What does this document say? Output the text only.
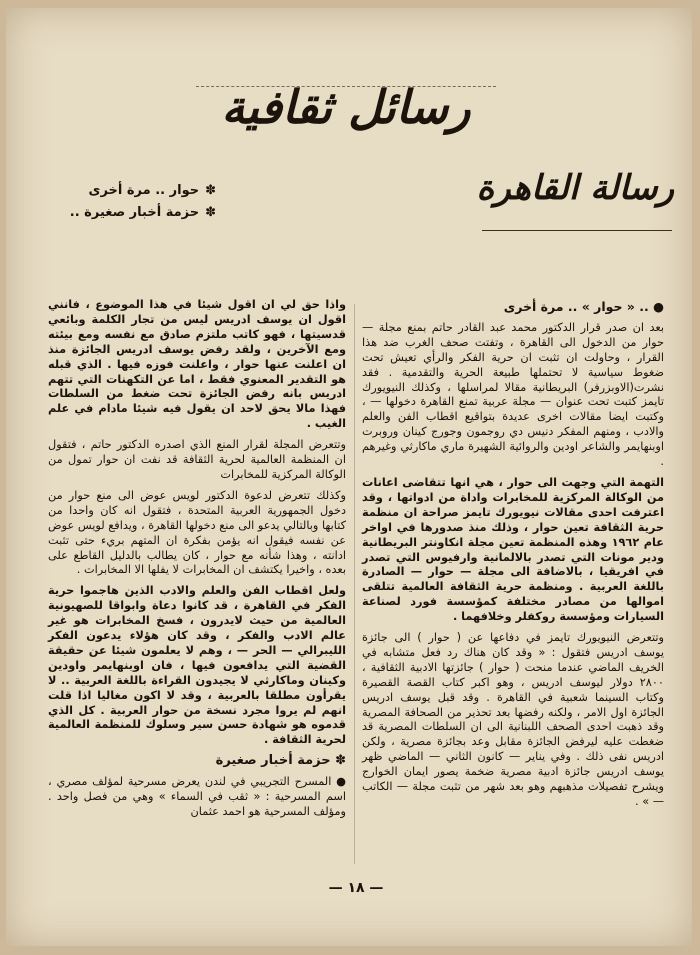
رسائل ثقافية
رسالة القاهرة
✽حوار .. مرة أخرى
✽حزمة أخبار صغيرة ..
● .. « حوار » .. مرة أخرى

بعد ان صدر قرار الدكتور محمد عبد القادر حاتم بمنع مجلة — حوار من الدخول الى القاهرة ، وتفتت صحف الغرب ضد هذا القرار ، وحاولت ان تثبت ان حرية الفكر والرأي تعيش تحت ضغوط سياسية لا تحتملها طبيعة الحرية والتقدمية . فقد نشرت(الاوبزرفر) البريطانية مقالا لمراسلها ، وكذلك النيويورك تايمز كتبت تحت عنوان — مجلة عربية تمنع القاهرة دخولها — ، وكتبت ايضا مقالات اخرى عديدة بتواقيع اقطاب الفن والعلم والادب ، ومنهم المفكر دنيس دي روجمون وجورج كينان وروبرت اوبنهايمر والشاعر اودين والروائية الشهيرة ماري ماكارثي وغيرهم .

التهمة التي وجهت الى حوار ، هي انها تتقاضى اعانات من الوكالة المركزية للمخابرات واداة من ادواتها ، وقد اعترفت احدى مقالات نيويورك تايمز صراحة ان منظمة حرية الثقافة تعين حوار ، وذلك منذ صدورها في اواخر عام ١٩٦٢ وهذه المنظمة تعين مجلة انكاونتر البريطانية ودير مونات التي تصدر بالالمانية وارفيوس التي تصدر في افريقيا ، بالاضافة الى مجلة — حوار — الصادرة باللغة العربية . ومنظمة حرية الثقافة العالمية تتلقى اموالها من مصادر مختلفة كمؤسسة فورد لصناعة السيارات ومؤسسة روكفلر وخلافهما .

وتتعرض النيويورك تايمز في دفاعها عن ( حوار ) الى جائزة يوسف ادريس فتقول : « وقد كان هناك رد فعل متشابه في الخريف الماضي عندما منحت ( حوار ) جائزتها الادبية الثقافية ، ٢٨٠٠ دولار ليوسف ادريس ، وهو اكبر كتاب القصة القصيرة وكتاب السينما شعبية في القاهرة . وقد قبل يوسف ادريس الجائزة اول الامر ، ولكنه رفضها بعد تحذير من الصحافة المصرية وقد ذهبت احدى الصحف اللبنانية الى ان السلطات المصرية قد ضغطت عليه ليرفض الجائزة مقابل وعد بجائزة مصرية ، ولكن ادريس نفى ذلك . وفي يناير — كانون الثاني — الماضي ظهر يوسف ادريس جائزة ادبية مصرية ضخمة يصور ايمان الخوارج ويشرح تفصيلات مذهبهم وهو بعد شهر من تثبت مجلة — الكاتب — » .

واذا حق لي ان اقول شيئا في هذا الموضوع ، فانني اقول ان يوسف ادريس ليس من تجار الكلمة وبائعي قدسيتها ، فهو كاتب ملتزم صادق مع نفسه ومع بيئته ومع الآخرين ، ولقد رفض يوسف ادريس الجائزة منذ ان اعلنت عنها حوار ، واعلنت فوزه فيها . الذي قبله هو التقدير المعنوي فقط ، اما عن التكهنات التي تتهم ادريس بانه رفض الجائزة تحت ضغط من السلطات فهذا مالا يحق لاحد ان يقول فيه شيئا مادام في علم الغيب .

وتتعرض المجلة لقرار المنع الذي اصدره الدكتور حاتم ، فتقول ان المنظمة العالمية لحرية الثقافة قد نفت ان حوار تمول من الوكالة المركزية للمخابرات

وكذلك تتعرض لدعوة الدكتور لويس عوض الى منع حوار من دخول الجمهورية العربية المتحدة ، فتقول انه كان واحدا من كتابها وبالتالي يدعو الى منع دخولها القاهرة ، ويدافع لويس عوض عن نفسه فيقول انه يؤمن بفكرة ان المتهم بريء حتى تثبت ادانته ، وهذا شأنه مع حوار ، كان يطالب بالدليل القاطع على بعده ، واخيرا يكتشف ان المخابرات لا يفلها الا المخابرات .

ولعل اقطاب الفن والعلم والادب الذين هاجموا حرية الفكر في القاهرة ، قد كانوا دعاة وابواقا للصهيونية العالمية من حيث لايدرون ، فسخ المخابرات هو غير عالم الادب والفكر ، وقد كان هؤلاء يدعون الفكر الليبرالي — الحر — ، وهم لا يعلمون شيئا عن حقيقة القضية التي يدافعون فيها ، فان اوبنهايمر واودين وكينان وماكارثي لا يجيدون القراءة باللغة العربية .. لا يقرأون مطلقا بالعربية ، وقد لا اكون مغاليا اذا قلت انهم لم يروا مجرد نسخة من حوار العربية . كل الذي قدموه هو شهادة حسن سير وسلوك للمنظمة العالمية لحرية الثقافة .

✽ حزمة أخبار صغيرة

● المسرح التجريبي في لندن يعرض مسرحية لمؤلف مصري ، اسم المسرحية : « ثقب في السماء » وهي من فصل واحد . ومؤلف المسرحية هو احمد عثمان

— ١٨ —
